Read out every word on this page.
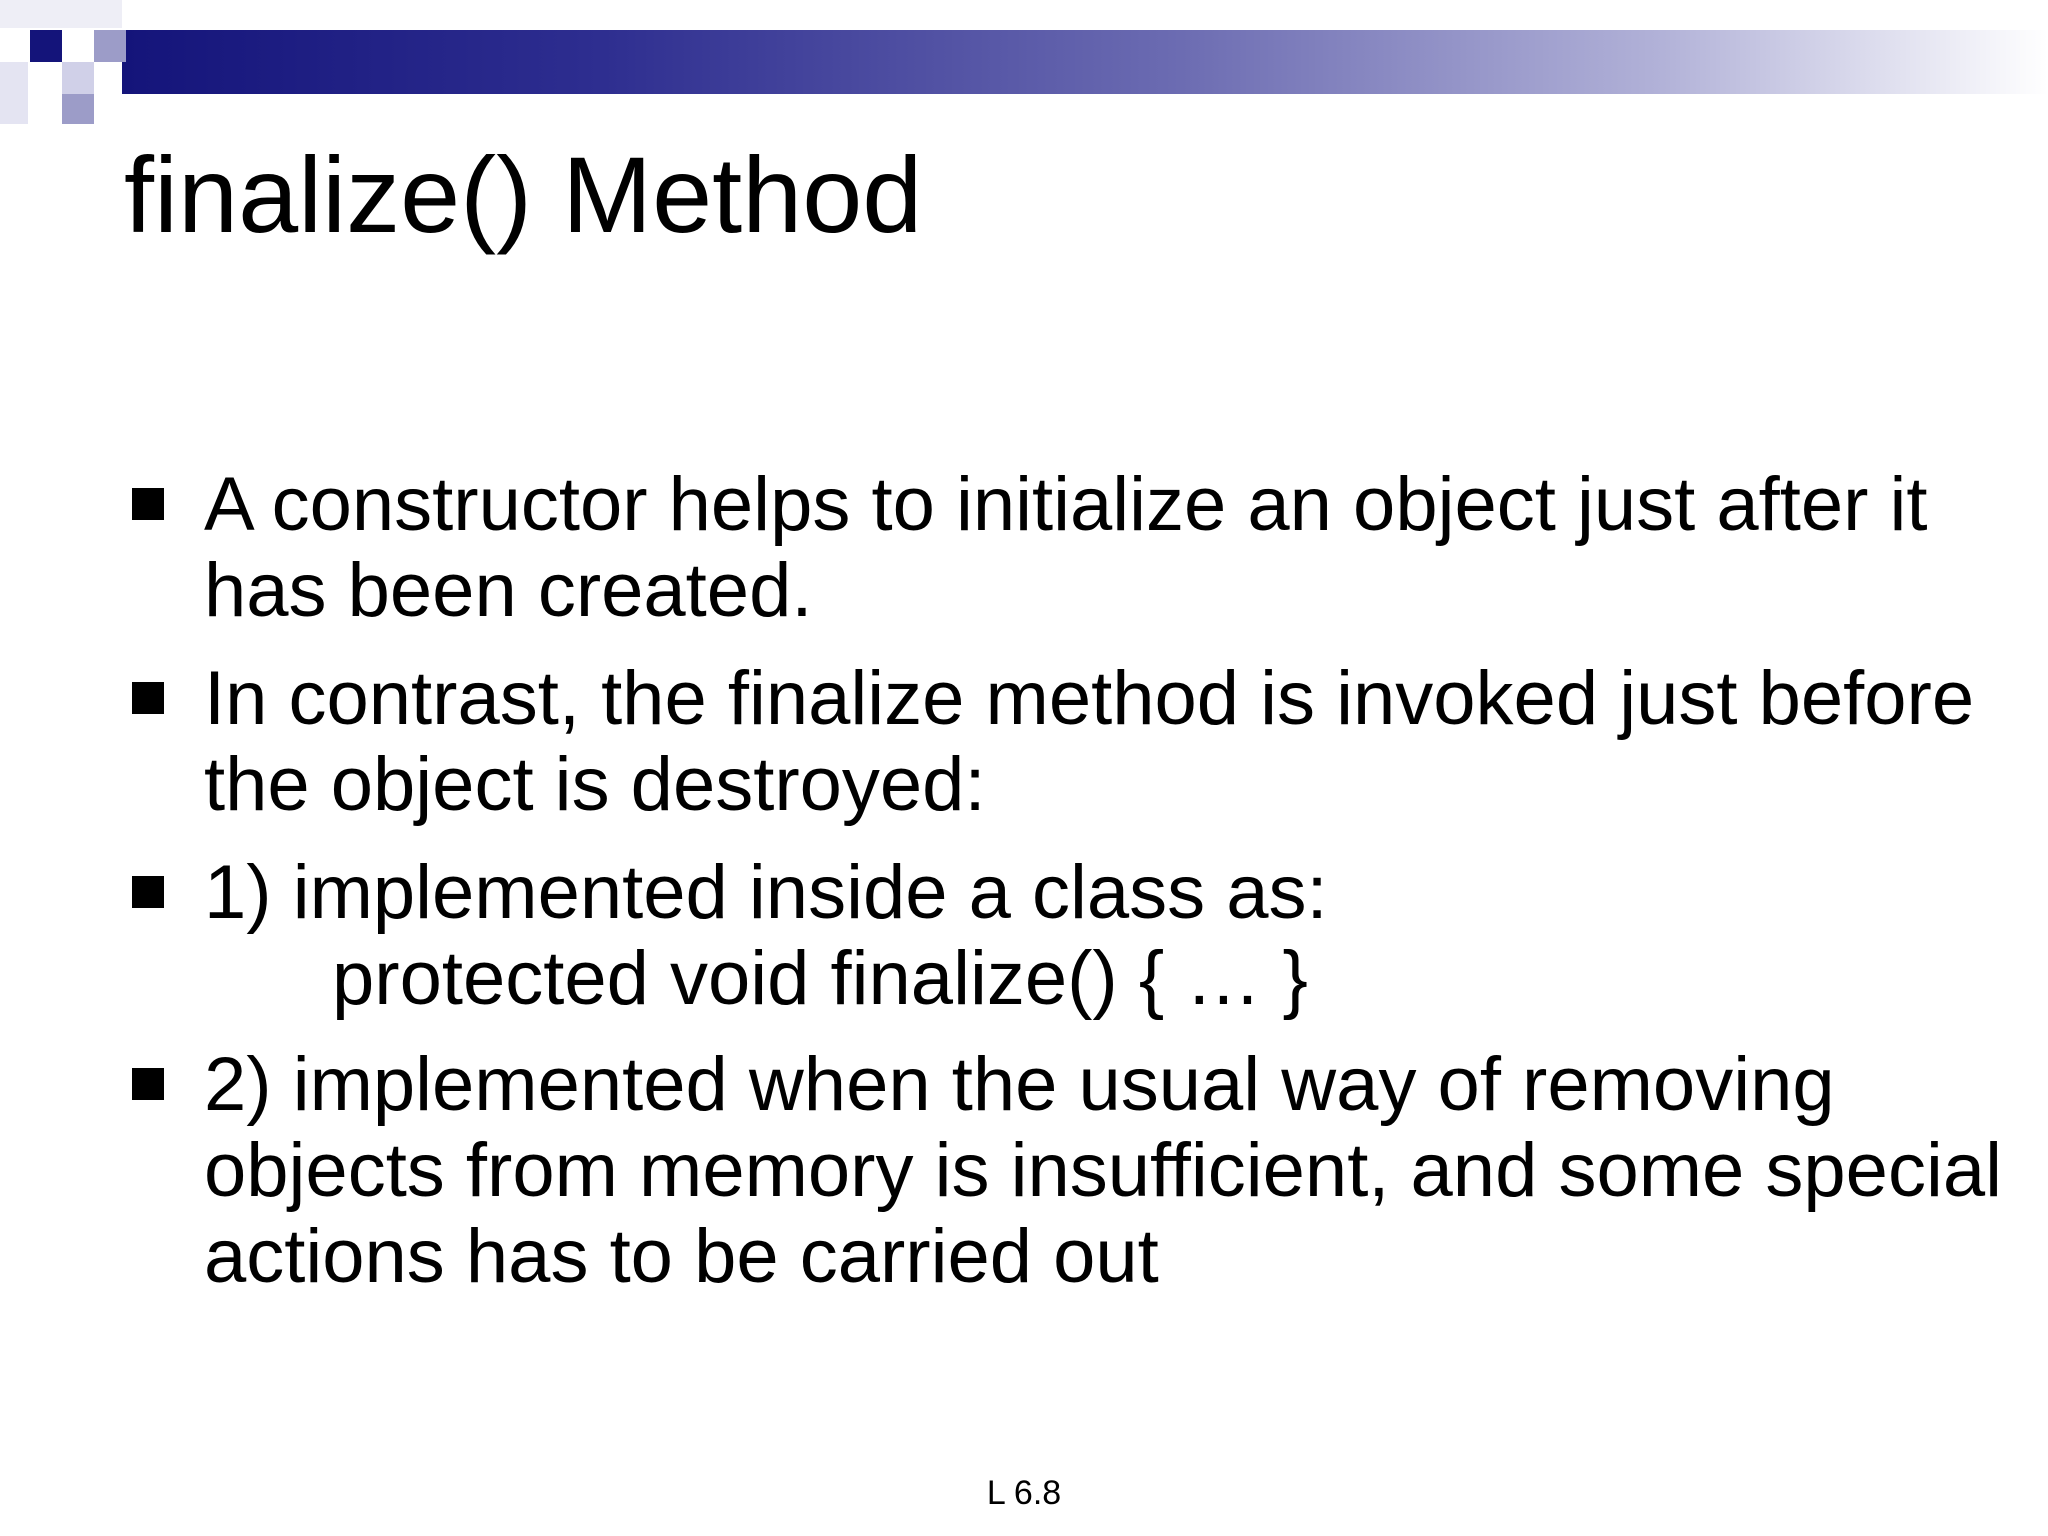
finalize() Method
A constructor helps to initialize an object just after it has been created.
In contrast, the finalize method is invoked just before the object is destroyed:
1) implemented inside a class as:
protected void finalize() { … }
2) implemented when the usual way of removing objects from memory is insufficient, and some special actions has to be carried out
L 6.8
